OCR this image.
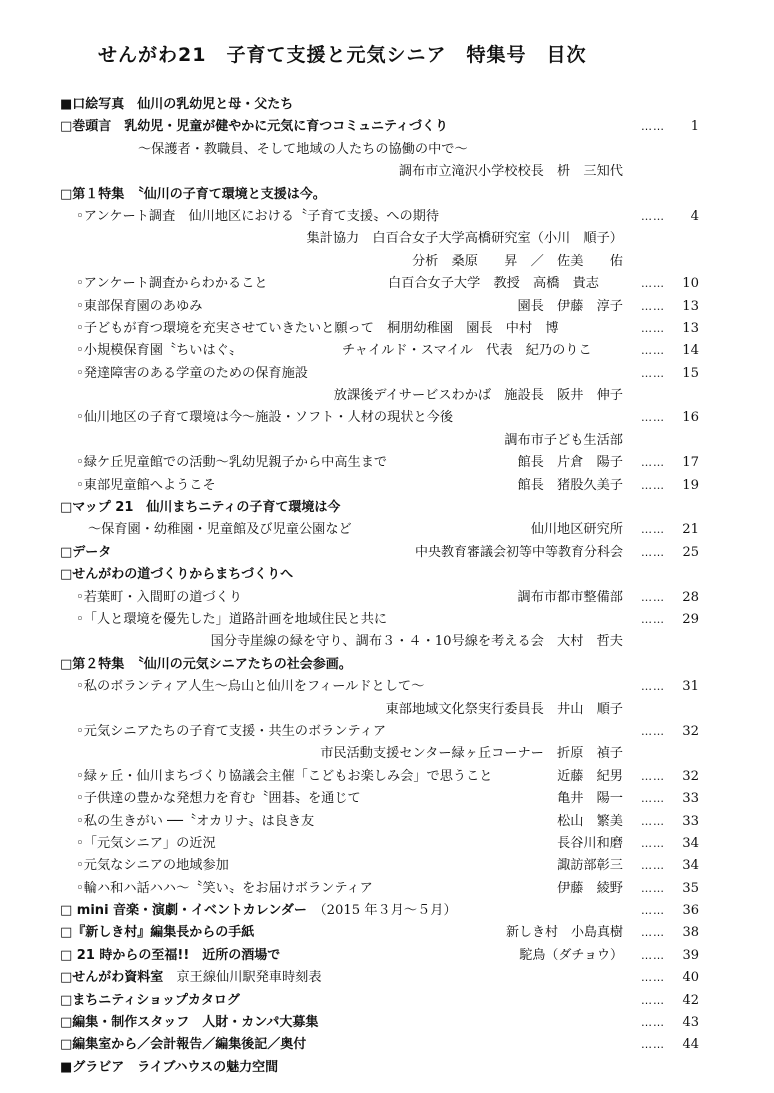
せんがわ21　子育て支援と元気シニア　特集号　目次
■口絵写真　仙川の乳幼児と母・父たち
□巻頭言　乳幼児・児童が健やかに元気に育つコミュニティづくり	…… 1
〜保護者・教職員、そして地域の人たちの協働の中で〜
調布市立滝沢小学校校長　枡　三知代
□第１特集　〝仙川の子育て環境と支援は今。
◦アンケート調査　仙川地区における〝子育て支援〟への期待	…… 4
集計協力　白百合女子大学高橋研究室（小川　順子）
分析　桑原　　昇　／　佐美　　佑
◦アンケート調査からわかること	白百合女子大学　教授　高橋　貴志	…… 10
◦東部保育園のあゆみ	園長　伊藤　淳子 …… 13
◦子どもが育つ環境を充実させていきたいと願って　桐朋幼稚園　園長　中村　博	…… 13
◦小規模保育園〝ちいはぐ〟	チャイルド・スマイル　代表　紀乃のりこ	…… 14
◦発達障害のある学童のための保育施設	…… 15
放課後デイサービスわかば　施設長　阪井　伸子
◦仙川地区の子育て環境は今〜施設・ソフト・人材の現状と今後	…… 16
調布市子ども生活部
◦緑ケ丘児童館での活動〜乳幼児親子から中高生まで	館長　片倉　陽子 …… 17
◦東部児童館へようこそ	館長　猪股久美子 …… 19
□マップ 21　仙川まちニティの子育て環境は今
〜保育園・幼稚園・児童館及び児童公園など	仙川地区研究所 …… 21
□データ	中央教育審議会初等中等教育分科会 …… 25
□せんがわの道づくりからまちづくりへ
◦若葉町・入間町の道づくり	調布市都市整備部 …… 28
◦「人と環境を優先した」道路計画を地域住民と共に	…… 29
国分寺崖線の緑を守り、調布３・４・10号線を考える会　大村　哲夫
□第２特集　〝仙川の元気シニアたちの社会参画。
◦私のボランティア人生〜烏山と仙川をフィールドとして〜	…… 31
東部地域文化祭実行委員長　井山　順子
◦元気シニアたちの子育て支援・共生のボランティア	…… 32
市民活動支援センター緑ヶ丘コーナー　折原　禎子
◦緑ヶ丘・仙川まちづくり協議会主催「こどもお楽しみ会」で思うこと	近藤　紀男 …… 32
◦子供達の豊かな発想力を育む〝囲碁〟を通じて	亀井　陽一 …… 33
◦私の生きがい ──〝オカリナ〟は良き友	松山　繁美 …… 33
◦「元気シニア」の近況	長谷川和磨 …… 34
◦元気なシニアの地域参加	諏訪部彰三 …… 34
◦輪ハ和ハ話ハハ〜〝笑い〟をお届けボランティア	伊藤　綾野 …… 35
□ mini 音楽・演劇・イベントカレンダー　（2015 年３月〜５月）	…… 36
□『新しき村』編集長からの手紙	新しき村　小島真樹 …… 38
□ 21 時からの至福!!　近所の酒場で	駝鳥（ダチョウ） …… 39
□せんがわ資料室　京王線仙川駅発車時刻表	…… 40
□まちニティショップカタログ	…… 42
□編集・制作スタッフ　人財・カンパ大募集	…… 43
□編集室から／会計報告／編集後記／奥付	…… 44
■グラビア　ライブハウスの魅力空間
